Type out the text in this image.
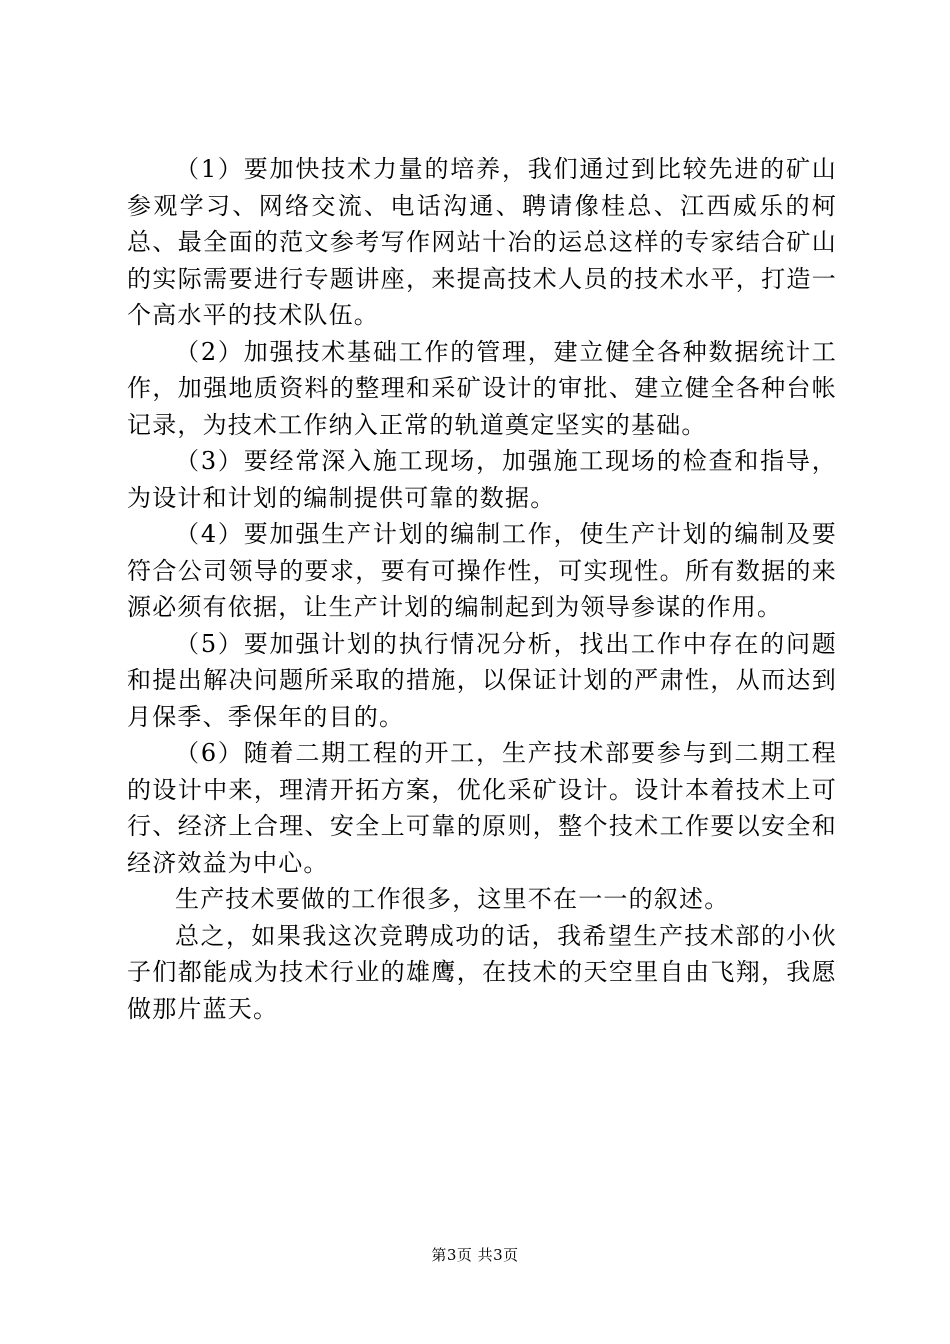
（1）要加快技术力量的培养，我们通过到比较先进的矿山参观学习、网络交流、电话沟通、聘请像桂总、江西威乐的柯总、最全面的范文参考写作网站十冶的运总这样的专家结合矿山的实际需要进行专题讲座，来提高技术人员的技术水平，打造一个高水平的技术队伍。

（2）加强技术基础工作的管理，建立健全各种数据统计工作，加强地质资料的整理和采矿设计的审批、建立健全各种台帐记录，为技术工作纳入正常的轨道奠定坚实的基础。

（3）要经常深入施工现场，加强施工现场的检查和指导，为设计和计划的编制提供可靠的数据。

（4）要加强生产计划的编制工作，使生产计划的编制及要符合公司领导的要求，要有可操作性，可实现性。所有数据的来源必须有依据，让生产计划的编制起到为领导参谋的作用。

（5）要加强计划的执行情况分析，找出工作中存在的问题和提出解决问题所采取的措施，以保证计划的严肃性，从而达到月保季、季保年的目的。

（6）随着二期工程的开工，生产技术部要参与到二期工程的设计中来，理清开拓方案，优化采矿设计。设计本着技术上可行、经济上合理、安全上可靠的原则，整个技术工作要以安全和经济效益为中心。

生产技术要做的工作很多，这里不在一一的叙述。

总之，如果我这次竞聘成功的话，我希望生产技术部的小伙子们都能成为技术行业的雄鹰，在技术的天空里自由飞翔，我愿做那片蓝天。

第3页 共3页
